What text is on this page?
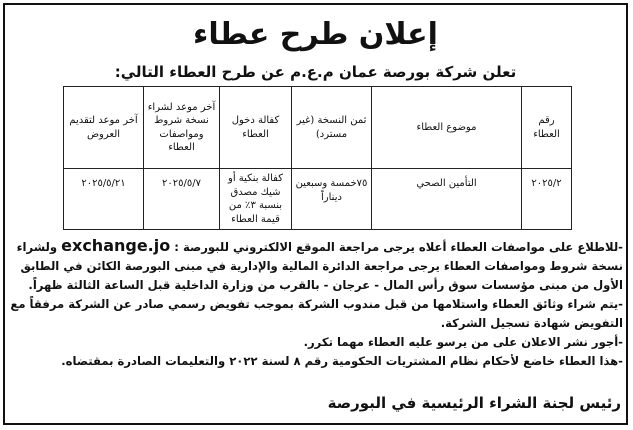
إعلان طرح عطاء
تعلن شركة بورصة عمان م.ع.م عن طرح العطاء التالي:
رقم العطاء	موضوع العطاء	ثمن النسخة (غير مسترد)	كفالة دخول العطاء	آخر موعد لشراء نسخة شروط ومواصفات العطاء	آخر موعد لتقديم العروض
٢٠٢٥/٢	التأمين الصحي	٧٥خمسة وسبعين ديناراً	كفالة بنكية أو شيك مصدق بنسبة ٣٪ من قيمة العطاء	٢٠٢٥/٥/٧	٢٠٢٥/٥/٢١

-للاطلاع على مواصفات العطاء أعلاه يرجى مراجعة الموقع الالكتروني للبورصة : exchange.jo ولشراء نسخة شروط ومواصفات العطاء يرجى مراجعة الدائرة المالية والإدارية في مبنى البورصة الكائن في الطابق الأول من مبنى مؤسسات سوق رأس المال - عرجان - بالقرب من وزارة الداخلية قبل الساعة الثالثة ظهراً.

-يتم شراء وثائق العطاء واستلامها من قبل مندوب الشركة بموجب تفويض رسمي صادر عن الشركة مرفقاً مع التفويض شهادة تسجيل الشركة.

-أجور نشر الاعلان على من يرسو عليه العطاء مهما تكرر.

-هذا العطاء خاضع لأحكام نظام المشتريات الحكومية رقم ٨ لسنة ٢٠٢٢ والتعليمات الصادرة بمقتضاه.

رئيس لجنة الشراء الرئيسية في البورصة
